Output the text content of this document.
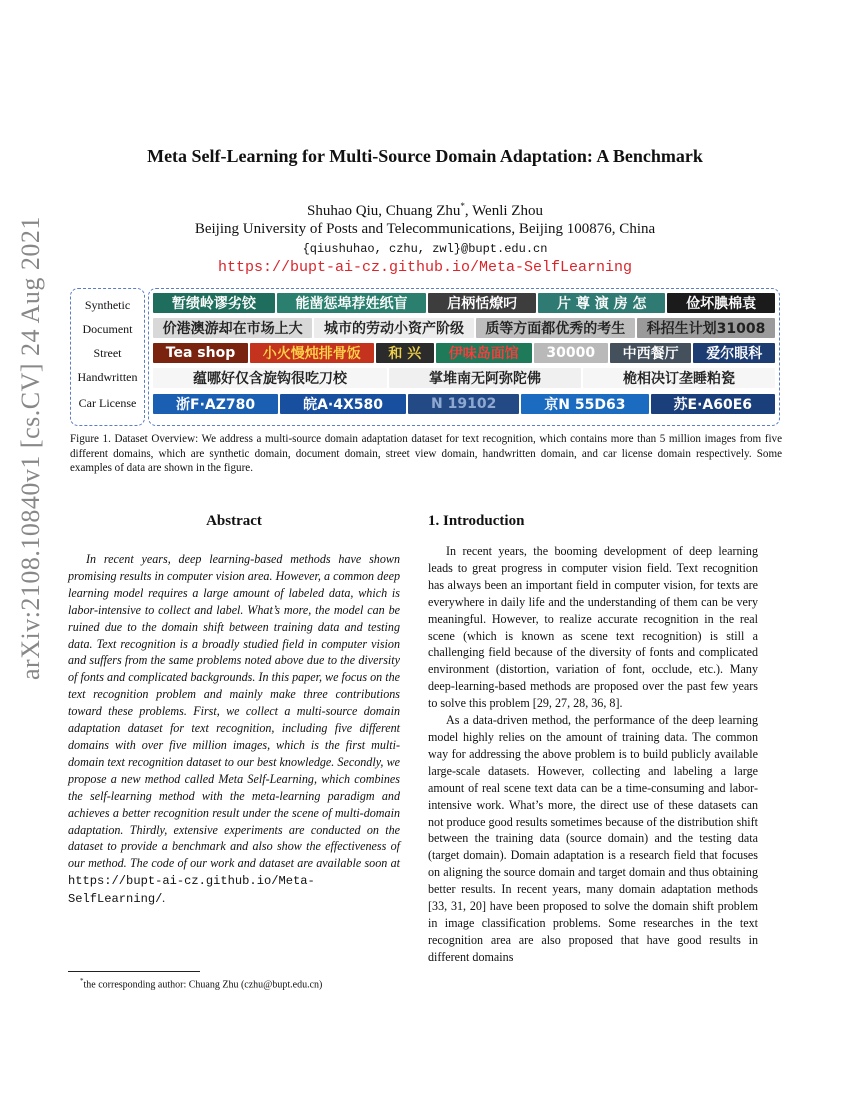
arXiv:2108.10840v1 [cs.CV] 24 Aug 2021
Meta Self-Learning for Multi-Source Domain Adaptation: A Benchmark
Shuhao Qiu, Chuang Zhu*, Wenli Zhou
Beijing University of Posts and Telecommunications, Beijing 100876, China
{qiushuhao, czhu, zwl}@bupt.edu.cn
https://bupt-ai-cz.github.io/Meta-SelfLearning
Synthetic
Document
Street
Handwritten
Car License
暂绩岭谬劣铰	能凿惩埠荐姓纸盲	启柄恬燎叼	片 尊 演 房 怎	俭坏腆棉袁
价港澳游却在市场上大	城市的劳动小资产阶级	质等方面都优秀的考生	科招生计划31008
Tea shop	小火慢炖排骨饭	和 兴	伊味岛面馆	30000	中西餐厅	爱尔眼科
蕴哪好仅含旋钩很吃刀校	掌堆南无阿弥陀佛	桅相决订垄睡粕瓷
浙F·AZ780	皖A·4X580	N 19102	京N 55D63	苏E·A60E6
Figure 1. Dataset Overview: We address a multi-source domain adaptation dataset for text recognition, which contains more than 5 million images from five different domains, which are synthetic domain, document domain, street view domain, handwritten domain, and car license domain respectively. Some examples of data are shown in the figure.
Abstract

In recent years, deep learning-based methods have shown promising results in computer vision area. However, a common deep learning model requires a large amount of labeled data, which is labor-intensive to collect and label. What’s more, the model can be ruined due to the domain shift between training data and testing data. Text recognition is a broadly studied field in computer vision and suffers from the same problems noted above due to the diversity of fonts and complicated backgrounds. In this paper, we focus on the text recognition problem and mainly make three contributions toward these problems. First, we collect a multi-source domain adaptation dataset for text recognition, including five different domains with over five million images, which is the first multi-domain text recognition dataset to our best knowledge. Secondly, we propose a new method called Meta Self-Learning, which combines the self-learning method with the meta-learning paradigm and achieves a better recognition result under the scene of multi-domain adaptation. Thirdly, extensive experiments are conducted on the dataset to provide a benchmark and also show the effectiveness of our method. The code of our work and dataset are available soon at https://bupt-ai-cz.github.io/Meta-SelfLearning/.

1. Introduction

In recent years, the booming development of deep learning leads to great progress in computer vision field. Text recognition has always been an important field in computer vision, for texts are everywhere in daily life and the understanding of them can be very meaningful. However, to realize accurate recognition in the real scene (which is known as scene text recognition) is still a challenging field because of the diversity of fonts and complicated environment (distortion, variation of font, occlude, etc.). Many deep-learning-based methods are proposed over the past few years to solve this problem [29, 27, 28, 36, 8].

As a data-driven method, the performance of the deep learning model highly relies on the amount of training data. The common way for addressing the above problem is to build publicly available large-scale datasets. However, collecting and labeling a large amount of real scene text data can be a time-consuming and labor-intensive work. What’s more, the direct use of these datasets can not produce good results sometimes because of the distribution shift between the training data (source domain) and the testing data (target domain). Domain adaptation is a research field that focuses on aligning the source domain and target domain and thus obtaining better results. In recent years, many domain adaptation methods [33, 31, 20] have been proposed to solve the domain shift problem in image classification problems. Some researches in the text recognition area are also proposed that have good results in different domains

*the corresponding author: Chuang Zhu (czhu@bupt.edu.cn)
